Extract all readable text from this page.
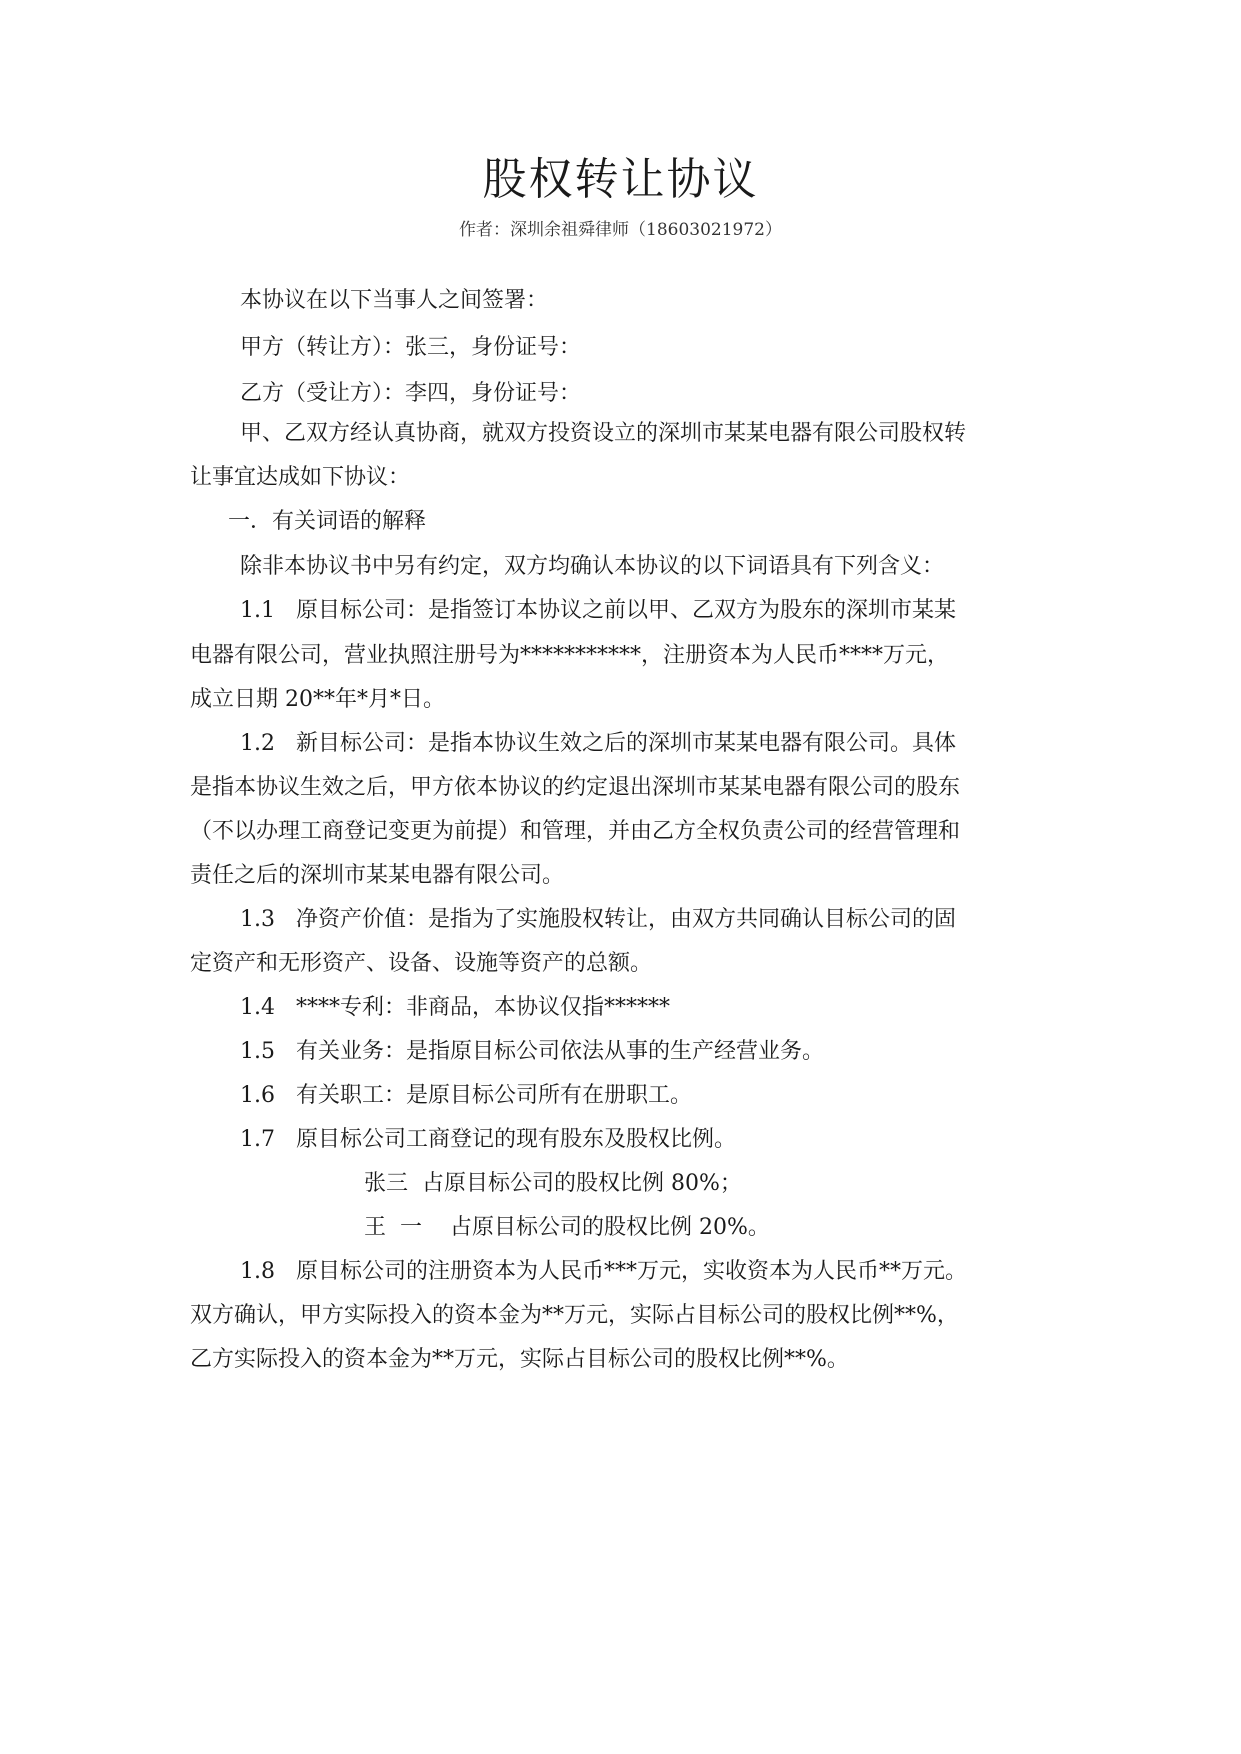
股权转让协议
作者：深圳余祖舜律师（18603021972）
本协议在以下当事人之间签署：
甲方（转让方）：张三，身份证号：
乙方（受让方）：李四，身份证号：
甲、乙双方经认真协商，就双方投资设立的深圳市某某电器有限公司股权转
让事宜达成如下协议：
一．有关词语的解释
除非本协议书中另有约定，双方均确认本协议的以下词语具有下列含义：
1.1 原目标公司：是指签订本协议之前以甲、乙双方为股东的深圳市某某
电器有限公司，营业执照注册号为***********，注册资本为人民币****万元，
成立日期 20**年*月*日。
1.2 新目标公司：是指本协议生效之后的深圳市某某电器有限公司。具体
是指本协议生效之后，甲方依本协议的约定退出深圳市某某电器有限公司的股东
（不以办理工商登记变更为前提）和管理，并由乙方全权负责公司的经营管理和
责任之后的深圳市某某电器有限公司。
1.3 净资产价值：是指为了实施股权转让，由双方共同确认目标公司的固
定资产和无形资产、设备、设施等资产的总额。
1.4 ****专利：非商品，本协议仅指******
1.5 有关业务：是指原目标公司依法从事的生产经营业务。
1.6 有关职工：是原目标公司所有在册职工。
1.7 原目标公司工商登记的现有股东及股权比例。
张三  占原目标公司的股权比例 80%；
王  一    占原目标公司的股权比例 20%。
1.8 原目标公司的注册资本为人民币***万元，实收资本为人民币**万元。
双方确认，甲方实际投入的资本金为**万元，实际占目标公司的股权比例**%，
乙方实际投入的资本金为**万元，实际占目标公司的股权比例**%。
